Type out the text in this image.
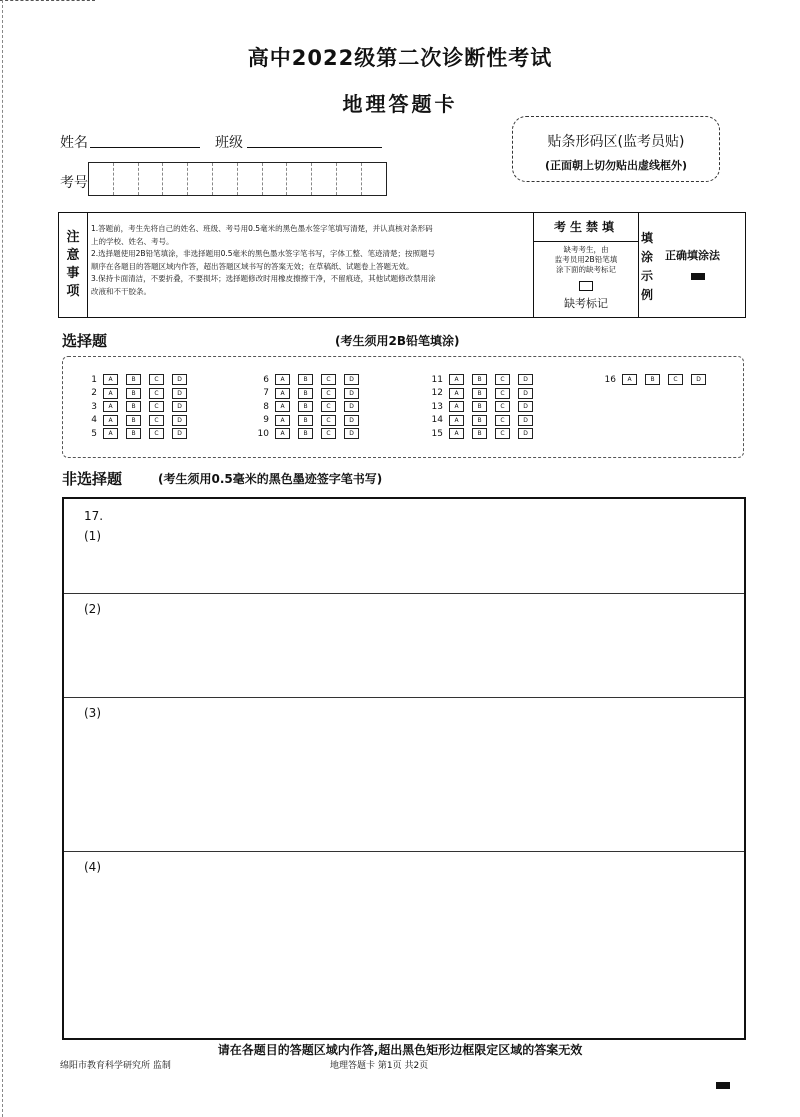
高中2022级第二次诊断性考试
地理答题卡
姓名	班级
考号
贴条形码区(监考员贴)
(正面朝上切勿贴出虚线框外)
注
意
事
项
1.答题前，考生先将自己的姓名、班级、考号用0.5毫米的黑色墨水签字笔填写清楚，并认真核对条形码
上的学校、姓名、考号。
2.选择题使用2B铅笔填涂，非选择题用0.5毫米的黑色墨水签字笔书写，字体工整、笔迹清楚；按照题号
顺序在各题目的答题区域内作答，超出答题区域书写的答案无效；在草稿纸、试题卷上答题无效。
3.保持卡面清洁，不要折叠，不要损坏；选择题修改时用橡皮擦擦干净，不留痕迹，其他试题修改禁用涂
改液和不干胶条。
考生禁填
缺考考生，由
监考员用2B铅笔填
涂下面的缺考标记
缺考标记
填
涂
示
例
正确填涂法
选择题	(考生须用2B铅笔填涂)
1	A	B	C	D
2	A	B	C	D
3	A	B	C	D
4	A	B	C	D
5	A	B	C	D
6	A	B	C	D
7	A	B	C	D
8	A	B	C	D
9	A	B	C	D
10	A	B	C	D
11	A	B	C	D
12	A	B	C	D
13	A	B	C	D
14	A	B	C	D
15	A	B	C	D
16	A	B	C	D
非选择题	(考生须用0.5毫米的黑色墨迹签字笔书写)
17.
(1)
(2)
(3)
(4)
请在各题目的答题区域内作答,超出黑色矩形边框限定区域的答案无效
绵阳市教育科学研究所 监制	地理答题卡 第1页 共2页
